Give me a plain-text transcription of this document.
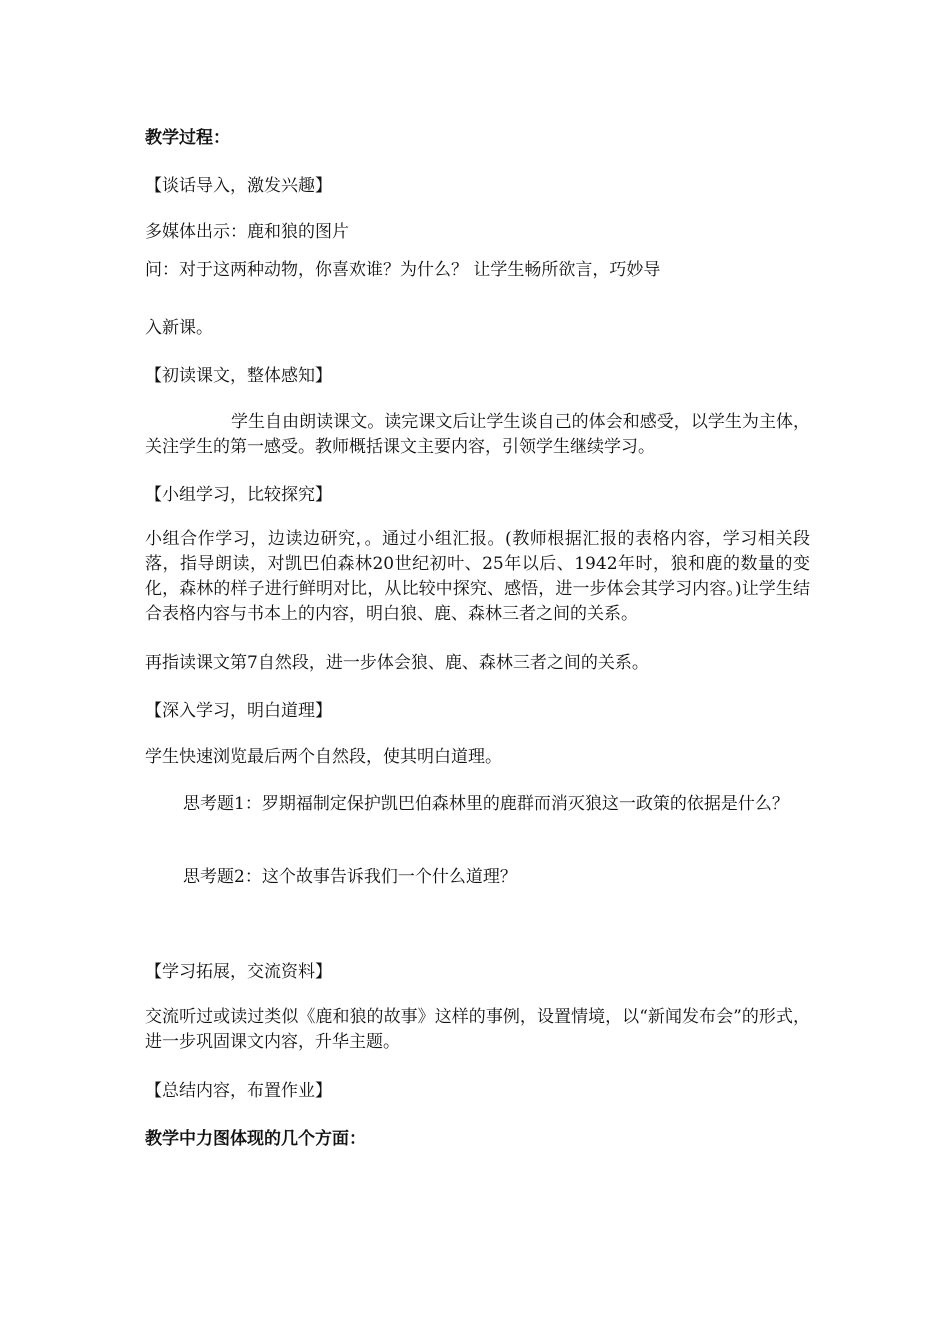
教学过程：
【谈话导入，激发兴趣】
多媒体出示：鹿和狼的图片
问：对于这两种动物，你喜欢谁？为什么？ 让学生畅所欲言，巧妙导
入新课。
【初读课文，整体感知】
学生自由朗读课文。读完课文后让学生谈自己的体会和感受，以学生为主体，关注学生的第一感受。教师概括课文主要内容，引领学生继续学习。
【小组学习，比较探究】
小组合作学习，边读边研究，。通过小组汇报。(教师根据汇报的表格内容，学习相关段落，指导朗读，对凯巴伯森林20世纪初叶、25年以后、1942年时，狼和鹿的数量的变化，森林的样子进行鲜明对比，从比较中探究、感悟，进一步体会其学习内容。)让学生结合表格内容与书本上的内容，明白狼、鹿、森林三者之间的关系。
再指读课文第7自然段，进一步体会狼、鹿、森林三者之间的关系。
【深入学习，明白道理】
学生快速浏览最后两个自然段，使其明白道理。
思考题1：罗期福制定保护凯巴伯森林里的鹿群而消灭狼这一政策的依据是什么？
思考题2：这个故事告诉我们一个什么道理？
【学习拓展，交流资料】
交流听过或读过类似《鹿和狼的故事》这样的事例，设置情境，以“新闻发布会”的形式，进一步巩固课文内容，升华主题。
【总结内容，布置作业】
教学中力图体现的几个方面：
